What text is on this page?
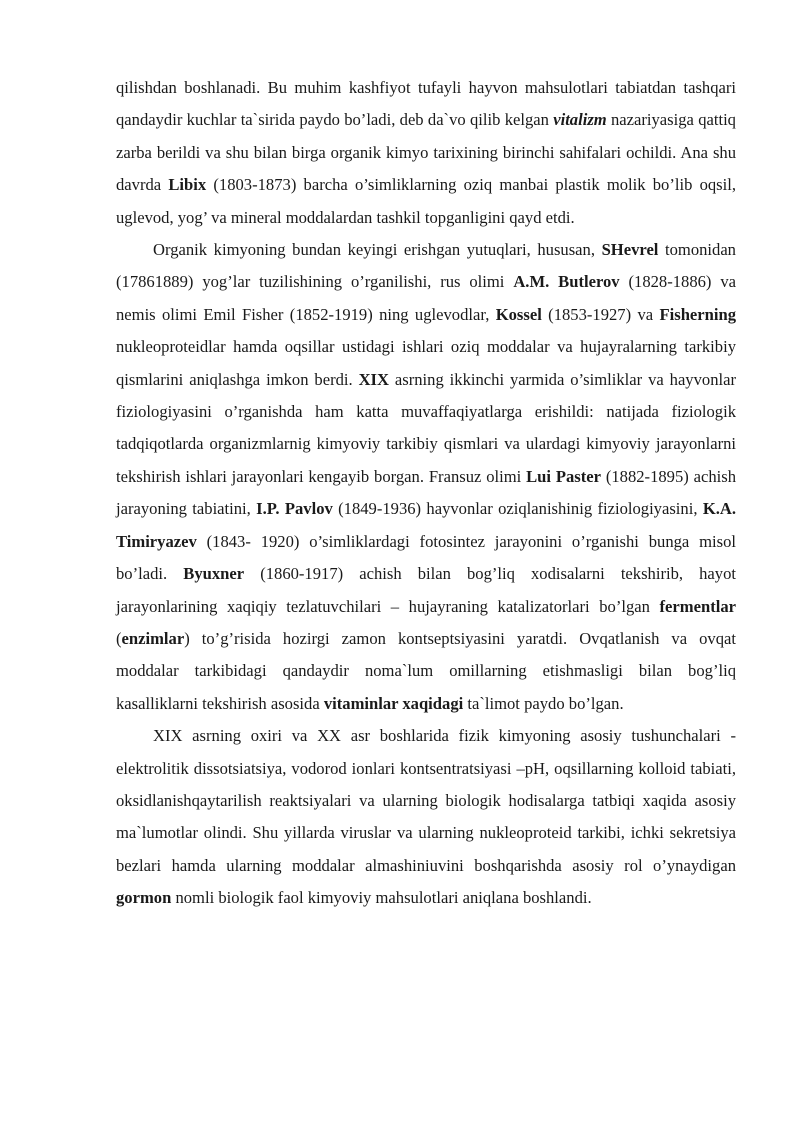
qilishdan boshlanadi. Bu muhim kashfiyot tufayli hayvon mahsulotlari tabiatdan tashqari qandaydir kuchlar ta`sirida paydo bo’ladi, deb da`vo qilib kelgan vitalizm nazariyasiga qattiq zarba berildi va shu bilan birga organik kimyo tarixining birinchi sahifalari ochildi. Ana shu davrda Libix (1803-1873) barcha o’simliklarning oziq manbai plastik molik bo’lib oqsil, uglevod, yog’ va mineral moddalardan tashkil topganligini qayd etdi.

Organik kimyoning bundan keyingi erishgan yutuqlari, hususan, SHevrel tomonidan (17861889) yog’lar tuzilishining o’rganilishi, rus olimi A.M. Butlerov (1828-1886) va nemis olimi Emil Fisher (1852-1919) ning uglevodlar, Kossel (1853-1927) va Fisherning nukleoproteidlar hamda oqsillar ustidagi ishlari oziq moddalar va hujayralarning tarkibiy qismlarini aniqlashga imkon berdi. XIX asrning ikkinchi yarmida o’simliklar va hayvonlar fiziologiyasini o’rganishda ham katta muvaffaqiyatlarga erishildi: natijada fiziologik tadqiqotlarda organizmlarnig kimyoviy tarkibiy qismlari va ulardagi kimyoviy jarayonlarni tekshirish ishlari jarayonlari kengayib borgan. Fransuz olimi Lui Paster (1882-1895) achish jarayoning tabiatini, I.P. Pavlov (1849-1936) hayvonlar oziqlanishinig fiziologiyasini, K.A. Timiryazev (1843- 1920) o’simliklardagi fotosintez jarayonini o’rganishi bunga misol bo’ladi. Byuxner (1860-1917) achish bilan bog’liq xodisalarni tekshirib, hayot jarayonlarining xaqiqiy tezlatuvchilari – hujayraning katalizatorlari bo’lgan fermentlar (enzimlar) to’g’risida hozirgi zamon kontseptsiyasini yaratdi. Ovqatlanish va ovqat moddalar tarkibidagi qandaydir noma`lum omillarning etishmasligi bilan bog’liq kasalliklarni tekshirish asosida vitaminlar xaqidagi ta`limot paydo bo’lgan.

XIX asrning oxiri va XX asr boshlarida fizik kimyoning asosiy tushunchalari - elektrolitik dissotsiatsiya, vodorod ionlari kontsentratsiyasi –pH, oqsillarning kolloid tabiati, oksidlanishqaytarilish reaktsiyalari va ularning biologik hodisalarga tatbiqi xaqida asosiy ma`lumotlar olindi. Shu yillarda viruslar va ularning nukleoproteid tarkibi, ichki sekretsiya bezlari hamda ularning moddalar almashiniuvini boshqarishda asosiy rol o’ynaydigan gormon nomli biologik faol kimyoviy mahsulotlari aniqlana boshlandi.
